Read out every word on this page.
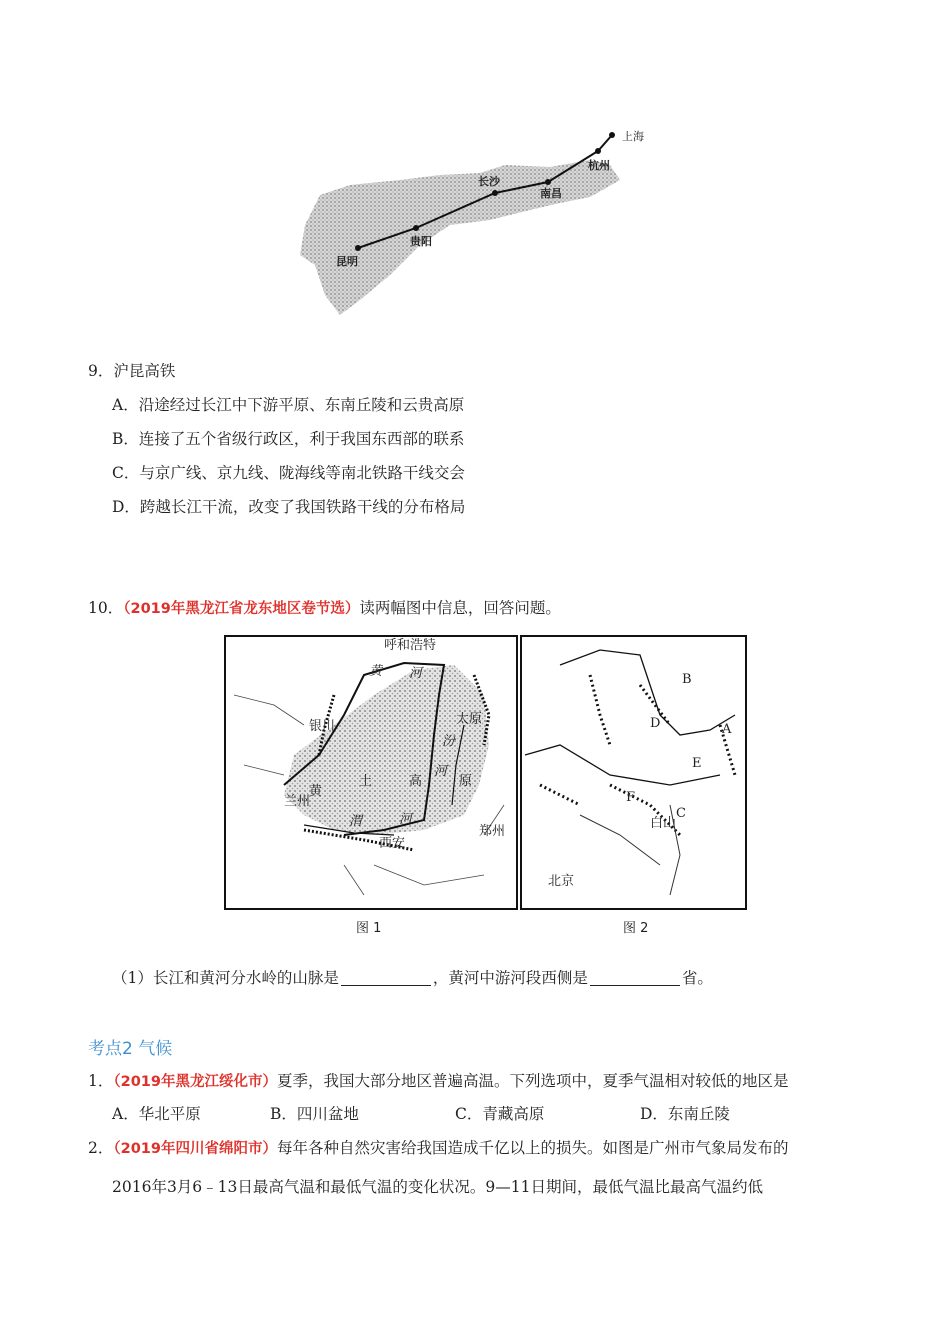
上海
杭州
南昌
长沙
贵阳
昆明
9．沪昆高铁
A．沿途经过长江中下游平原、东南丘陵和云贵高原
B．连接了五个省级行政区，利于我国东西部的联系
C．与京广线、京九线、陇海线等南北铁路干线交会
D．跨越长江干流，改变了我国铁路干线的分布格局
10．（2019年黑龙江省龙东地区卷节选）读两幅图中信息，回答问题。
呼和浩特
黄 河
银川	太原
汾
河
黄
土	高	原
兰州
渭	河
西安
郑州
B
D	A
E
F
C
白山
北京
图 1	图 2
（1）长江和黄河分水岭的山脉是	，黄河中游河段西侧是	省。
考点2 气候
1．（2019年黑龙江绥化市）夏季，我国大部分地区普遍高温。下列选项中，夏季气温相对较低的地区是
A．华北平原	B．四川盆地	C．青藏高原	D．东南丘陵
2．（2019年四川省绵阳市）每年各种自然灾害给我国造成千亿以上的损失。如图是广州市气象局发布的
2016年3月6﹣13日最高气温和最低气温的变化状况。9—11日期间，最低气温比最高气温约低
